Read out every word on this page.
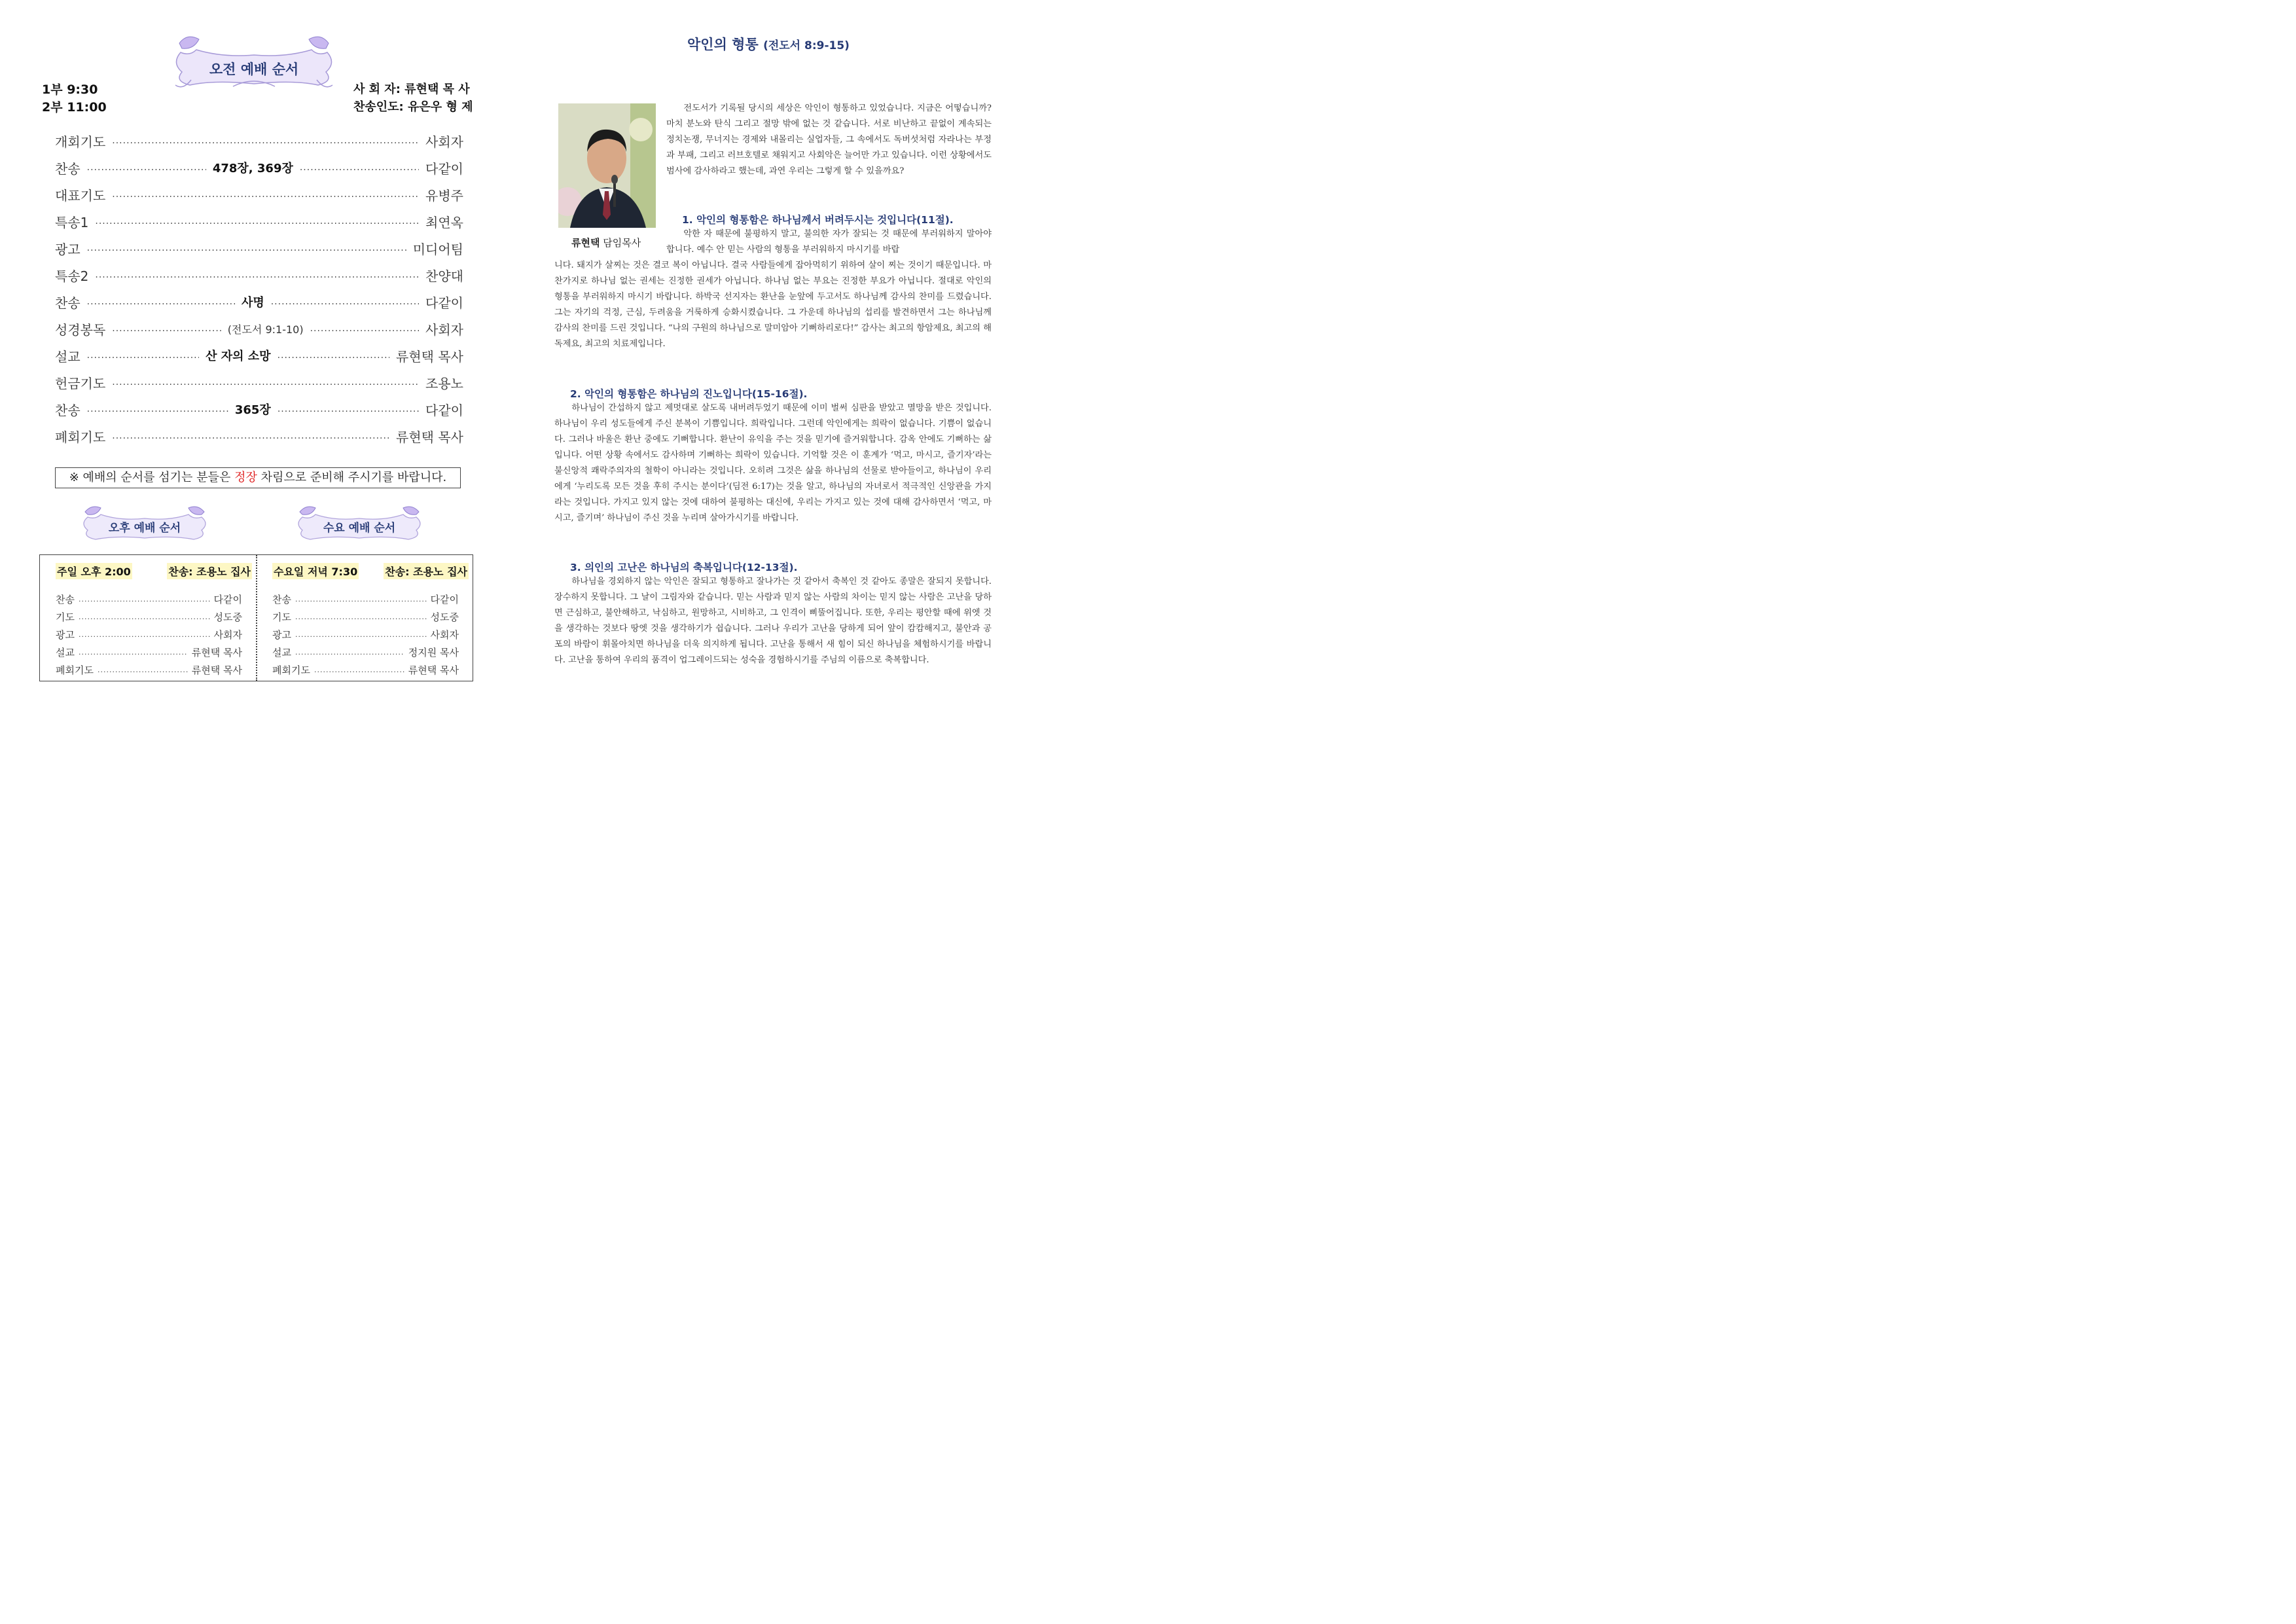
오전 예배 순서
1부 9:30
2부 11:00
사 회 자: 류현택 목 사
찬송인도: 유은우 형 제
개회기도 .....	사회자
찬송 .....	478장, 369장 .....	다같이
대표기도 .....	유병주
특송1 .....	최연옥
광고 .....	미디어팀
특송2 .....	찬양대
찬송 .....	사명 .....	다같이
성경봉독 .....	(전도서 9:1-10) .....	사회자
설교 .....	산 자의 소망 .....	류현택 목사
헌금기도 .....	조용노
찬송 .....	365장 .....	다같이
폐회기도 .....	류현택 목사
※ 예배의 순서를 섬기는 분들은 정장 차림으로 준비해 주시기를 바랍니다.
오후 예배 순서	수요 예배 순서
주일 오후 2:00	찬송: 조용노 집사
찬송 .....	다같이
기도 .....	성도중
광고 .....	사회자
설교 .....	류현택 목사
폐회기도 .....	류현택 목사
수요일 저녁 7:30	찬송: 조용노 집사
찬송 .....	다같이
기도 .....	성도중
광고 .....	사회자
설교 .....	정지원 목사
폐회기도 .....	류현택 목사
악인의 형통 (전도서 8:9-15)
류현택 담임목사

전도서가 기록될 당시의 세상은 악인이 형통하고 있었습니다. 지금은 어떻습니까? 마치 분노와 탄식 그리고 절망 밖에 없는 것 같습니다. 서로 비난하고 끝없이 계속되는 정치논쟁, 무너지는 경제와 내몰리는 실업자들, 그 속에서도 독버섯처럼 자라나는 부정과 부패, 그리고 러브호텔로 채워지고 사회악은 늘어만 가고 있습니다. 이런 상황에서도 범사에 감사하라고 했는데, 과연 우리는 그렇게 할 수 있을까요?

1. 악인의 형통함은 하나님께서 버려두시는 것입니다(11절).

악한 자 때문에 불평하지 말고, 불의한 자가 잘되는 것 때문에 부러워하지 말아야 합니다. 예수 안 믿는 사람의 형통을 부러워하지 마시기를 바랍

니다. 돼지가 살찌는 것은 결코 복이 아닙니다. 결국 사람들에게 잡아먹히기 위하여 살이 찌는 것이기 때문입니다. 마찬가지로 하나님 없는 권세는 진정한 권세가 아닙니다. 하나님 없는 부요는 진정한 부요가 아닙니다. 절대로 악인의 형통을 부러워하지 마시기 바랍니다. 하박국 선지자는 환난을 눈앞에 두고서도 하나님께 감사의 찬미를 드렸습니다. 그는 자기의 걱정, 근심, 두려움을 거룩하게 승화시켰습니다. 그 가운데 하나님의 섭리를 발견하면서 그는 하나님께 감사의 찬미를 드린 것입니다. “나의 구원의 하나님으로 말미암아 기뻐하리로다!” 감사는 최고의 항암제요, 최고의 해독제요, 최고의 치료제입니다.

2. 악인의 형통함은 하나님의 진노입니다(15-16절).

하나님이 간섭하지 않고 제멋대로 살도록 내버려두었기 때문에 이미 벌써 심판을 받았고 멸망을 받은 것입니다. 하나님이 우리 성도들에게 주신 분복이 기쁨입니다. 희락입니다. 그런데 악인에게는 희락이 없습니다. 기쁨이 없습니다. 그러나 바울은 환난 중에도 기뻐합니다. 환난이 유익을 주는 것을 믿기에 즐거워합니다. 감옥 안에도 기뻐하는 삶입니다. 어떤 상황 속에서도 감사하며 기뻐하는 희락이 있습니다. 기억할 것은 이 훈계가 ‘먹고, 마시고, 즐기자’라는 불신앙적 쾌락주의자의 철학이 아니라는 것입니다. 오히려 그것은 삶을 하나님의 선물로 받아들이고, 하나님이 우리에게 ‘누리도록 모든 것을 후히 주시는 분이다’(딤전 6:17)는 것을 알고, 하나님의 자녀로서 적극적인 신앙관을 가지라는 것입니다. 가지고 있지 않는 것에 대하여 불평하는 대신에, 우리는 가지고 있는 것에 대해 감사하면서 ‘먹고, 마시고, 즐기며’ 하나님이 주신 것을 누리며 살아가시기를 바랍니다.

3. 의인의 고난은 하나님의 축복입니다(12-13절).

하나님을 경외하지 않는 악인은 잘되고 형통하고 잘나가는 것 같아서 축복인 것 같아도 종말은 잘되지 못합니다. 장수하지 못합니다. 그 날이 그림자와 같습니다. 믿는 사람과 믿지 않는 사람의 차이는 믿지 않는 사람은 고난을 당하면 근심하고, 불안해하고, 낙심하고, 원망하고, 시비하고, 그 인격이 삐뚤어집니다. 또한, 우리는 평안할 때에 위엣 것을 생각하는 것보다 땅엣 것을 생각하기가 쉽습니다. 그러나 우리가 고난을 당하게 되어 앞이 캄캄해지고, 불안과 공포의 바람이 휘몰아치면 하나님을 더욱 의지하게 됩니다. 고난을 통해서 새 힘이 되신 하나님을 체험하시기를 바랍니다. 고난을 통하여 우리의 품격이 업그레이드되는 성숙을 경험하시기를 주님의 이름으로 축복합니다.
